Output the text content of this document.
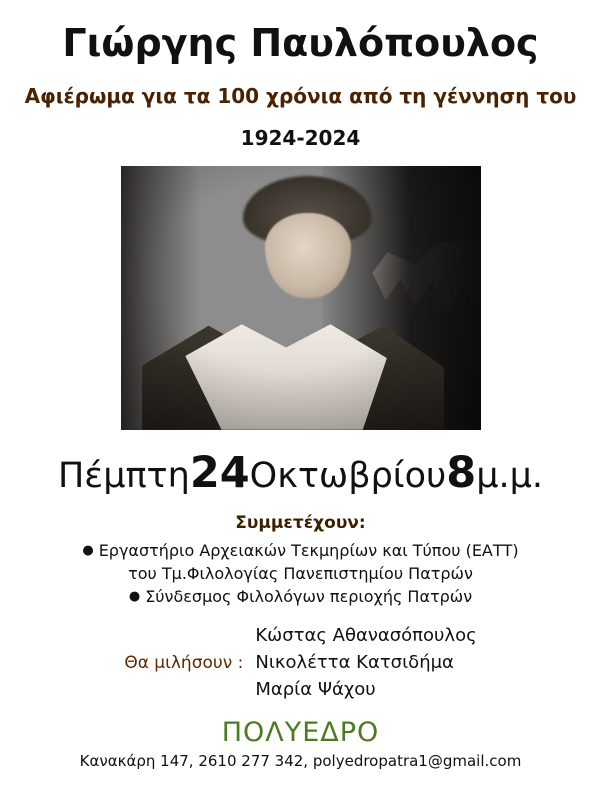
Γιώργης Παυλόπουλος
Αφιέρωμα για τα 100 χρόνια από τη γέννηση του
1924-2024
Πέμπτη24Οκτωβρίου8μ.μ.
Συμμετέχουν:
● Εργαστήριο Αρχειακών Τεκμηρίων και Τύπου (ΕΑΤΤ)
του Τμ.Φιλολογίας Πανεπιστημίου Πατρών
● Σύνδεσμος Φιλολόγων περιοχής Πατρών
Θα μιλήσουν :
Κώστας Αθανασόπουλος
Νικολέττα Κατσιδήμα
Μαρία Ψάχου
ΠΟΛΥΕΔΡΟ
Κανακάρη 147, 2610 277 342, polyedropatra1@gmail.com
